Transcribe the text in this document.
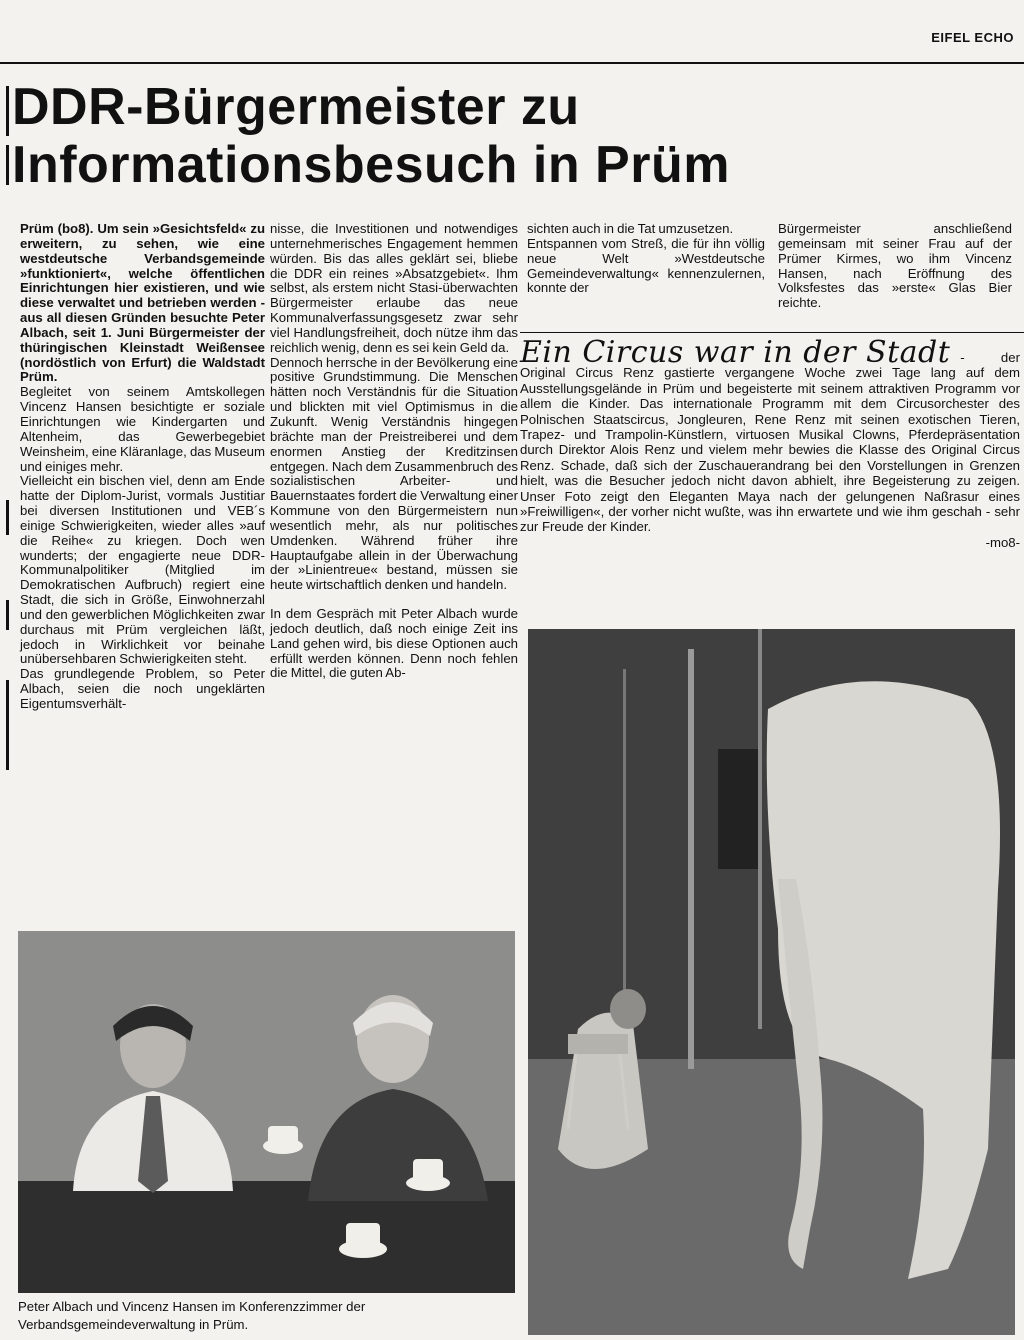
EIFEL ECHO
DDR-Bürgermeister zu
Informationsbesuch in Prüm

Prüm (bo8). Um sein »Gesichtsfeld« zu erweitern, zu sehen, wie eine westdeutsche Verbandsgemeinde »funktioniert«, welche öffentlichen Einrichtungen hier existieren, und wie diese verwaltet und betrieben werden - aus all diesen Gründen besuchte Peter Albach, seit 1. Juni Bürgermeister der thüringischen Kleinstadt Weißensee (nordöstlich von Erfurt) die Waldstadt Prüm.

Begleitet von seinem Amtskollegen Vincenz Hansen besichtigte er soziale Einrichtungen wie Kindergarten und Altenheim, das Gewerbegebiet Weinsheim, eine Kläranlage, das Museum und einiges mehr.

Vielleicht ein bischen viel, denn am Ende hatte der Diplom-Jurist, vormals Justitiar bei diversen Institutionen und VEB´s einige Schwierigkeiten, wieder alles »auf die Reihe« zu kriegen. Doch wen wunderts; der engagierte neue DDR-Kommunalpolitiker (Mitglied im Demokratischen Aufbruch) regiert eine Stadt, die sich in Größe, Einwohnerzahl und den gewerblichen Möglichkeiten zwar durchaus mit Prüm vergleichen läßt, jedoch in Wirklichkeit vor beinahe unübersehbaren Schwierigkeiten steht.

Das grundlegende Problem, so Peter Albach, seien die noch ungeklärten Eigentumsverhält-

nisse, die Investitionen und notwendiges unternehmerisches Engagement hemmen würden. Bis das alles geklärt sei, bliebe die DDR ein reines »Absatzgebiet«. Ihm selbst, als erstem nicht Stasi-überwachten Bürgermeister erlaube das neue Kommunalverfassungsgesetz zwar sehr viel Handlungsfreiheit, doch nütze ihm das reichlich wenig, denn es sei kein Geld da.

Dennoch herrsche in der Bevölkerung eine positive Grundstimmung. Die Menschen hätten noch Verständnis für die Situation und blickten mit viel Optimismus in die Zukunft. Wenig Verständnis hingegen brächte man der Preistreiberei und dem enormen Anstieg der Kreditzinsen entgegen. Nach dem Zusammenbruch des sozialistischen Arbeiter- und Bauernstaates fordert die Verwaltung einer Kommune von den Bürgermeistern nun wesentlich mehr, als nur politisches Umdenken. Während früher ihre Hauptaufgabe allein in der Überwachung der »Linientreue« bestand, müssen sie heute wirtschaftlich denken und handeln.

In dem Gespräch mit Peter Albach wurde jedoch deutlich, daß noch einige Zeit ins Land gehen wird, bis diese Optionen auch erfüllt werden können. Denn noch fehlen die Mittel, die guten Ab-

sichten auch in die Tat umzusetzen.

Entspannen vom Streß, die für ihn völlig neue Welt »Westdeutsche Gemeindeverwaltung« kennenzulernen, konnte der

Bürgermeister anschließend gemeinsam mit seiner Frau auf der Prümer Kirmes, wo ihm Vincenz Hansen, nach Eröffnung des Volksfestes das »erste« Glas Bier reichte.

Ein Circus war in der Stadt - der Original Circus Renz gastierte vergangene Woche zwei Tage lang auf dem Ausstellungsgelände in Prüm und begeisterte mit seinem attraktiven Programm vor allem die Kinder. Das internationale Programm mit dem Circusorchester des Polnischen Staatscircus, Jongleuren, Rene Renz mit seinen exotischen Tieren, Trapez- und Trampolin-Künstlern, virtuosen Musikal Clowns, Pferdepräsentation durch Direktor Alois Renz und vielem mehr bewies die Klasse des Original Circus Renz. Schade, daß sich der Zuschauerandrang bei den Vorstellungen in Grenzen hielt, was die Besucher jedoch nicht davon abhielt, ihre Begeisterung zu zeigen. Unser Foto zeigt den Eleganten Maya nach der gelungenen Naßrasur eines »Freiwilligen«, der vorher nicht wußte, was ihn erwartete und wie ihm geschah - sehr zur Freude der Kinder.
-mo8-
Peter Albach und Vincenz Hansen im Konferenzzimmer der Verbandsgemeindeverwaltung in Prüm.
